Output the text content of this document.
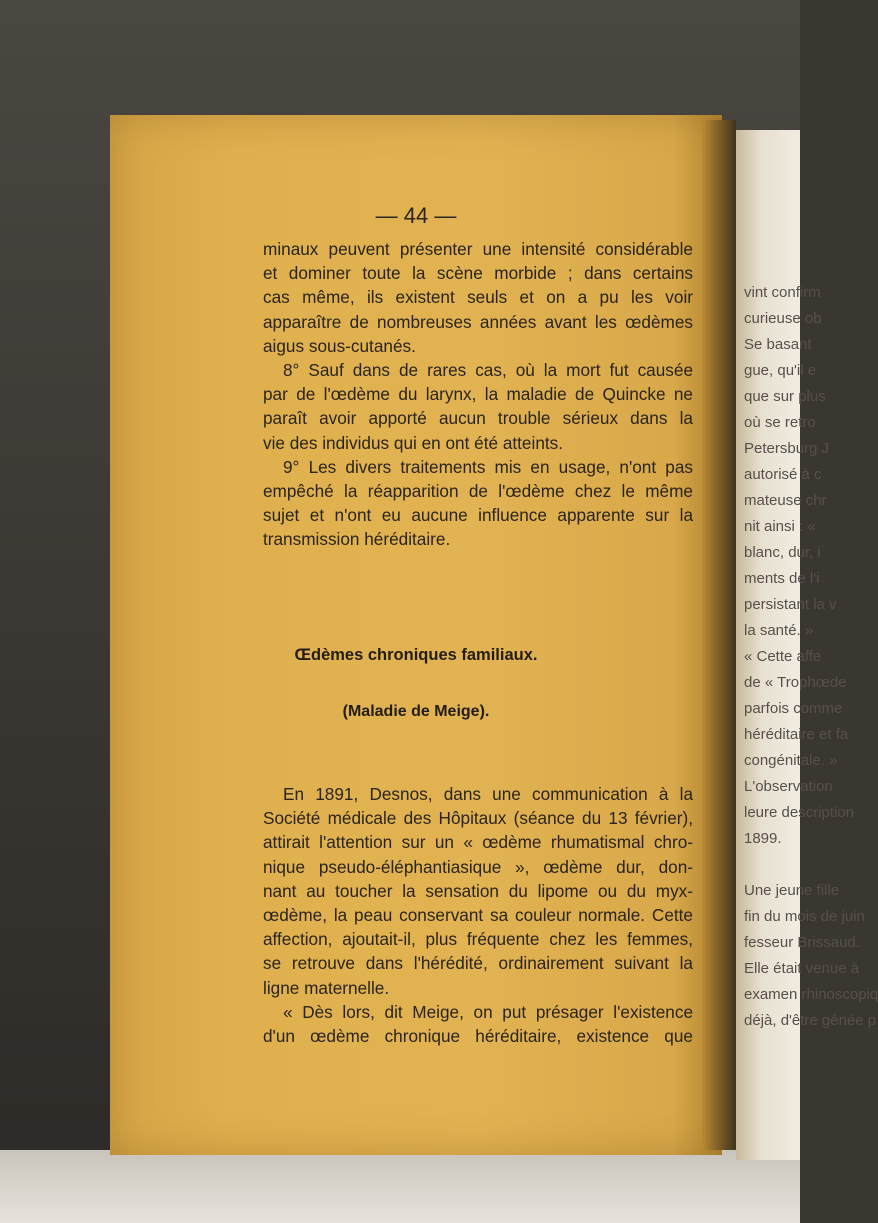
vint confirm
curieuse ob
Se basant
gue, qu'il e
que sur plus
où se retro
Petersburg J
autorisé à c
mateuse chr
nit ainsi : «
blanc, dur, i
ments de l'i
persistant la v
la santé. »
« Cette affe
de « Trophœde
parfois comme
héréditaire et fa
congénitale. »
L'observation
leure description
1899.

Une jeune fille
fin du mois de juin
fesseur Brissaud.
Elle était venue à
examen rhinoscopiq
déjà, d'être gênée p
— 44 —
minaux peuvent présenter une intensité considérable
et dominer toute la scène morbide ; dans certains
cas même, ils existent seuls et on a pu les voir
apparaître de nombreuses années avant les œdèmes
aigus sous-cutanés.
8° Sauf dans de rares cas, où la mort fut causée
par de l'œdème du larynx, la maladie de Quincke ne
paraît avoir apporté aucun trouble sérieux dans la
vie des individus qui en ont été atteints.
9° Les divers traitements mis en usage, n'ont pas
empêché la réapparition de l'œdème chez le même
sujet et n'ont eu aucune influence apparente sur la
transmission héréditaire.
Œdèmes chroniques familiaux.
(Maladie de Meige).
En 1891, Desnos, dans une communication à la
Société médicale des Hôpitaux (séance du 13 février),
attirait l'attention sur un « œdème rhumatismal chro-
nique pseudo-éléphantiasique », œdème dur, don-
nant au toucher la sensation du lipome ou du myx-
œdème, la peau conservant sa couleur normale. Cette
affection, ajoutait-il, plus fréquente chez les femmes,
se retrouve dans l'hérédité, ordinairement suivant la
ligne maternelle.
« Dès lors, dit Meige, on put présager l'existence
d'un œdème chronique héréditaire, existence que
